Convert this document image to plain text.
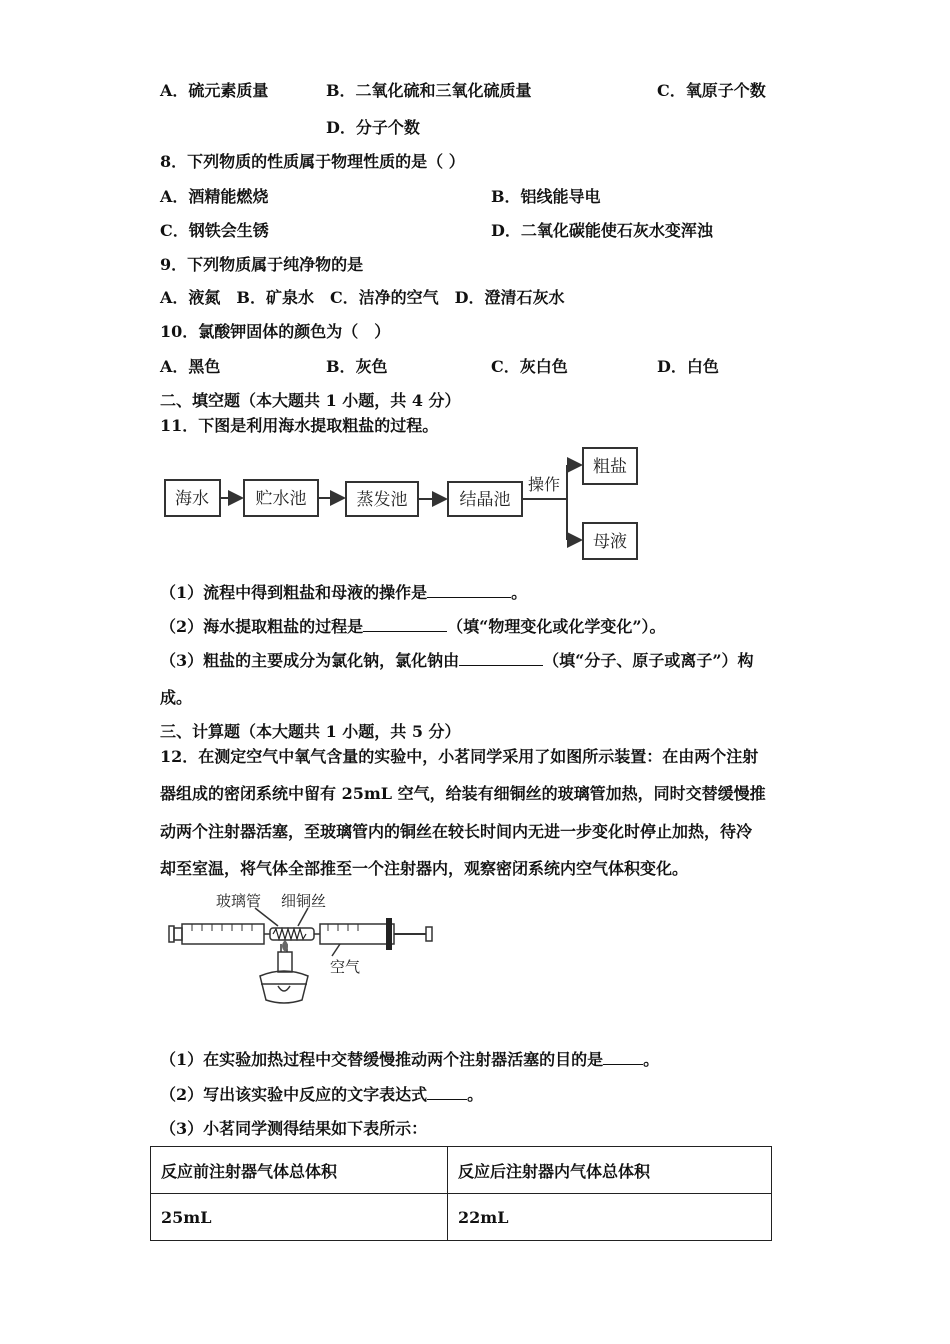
A．硫元素质量	B．二氧化硫和三氧化硫质量	C．氧原子个数
D．分子个数
8．下列物质的性质属于物理性质的是（ ）
A．酒精能燃烧	B．铝线能导电
C．钢铁会生锈	D．二氧化碳能使石灰水变浑浊
9．下列物质属于纯净物的是
A．液氮　B．矿泉水　C．洁净的空气　D．澄清石灰水
10．氯酸钾固体的颜色为（　）
A．黑色	B．灰色	C．灰白色	D．白色
二、填空题（本大题共 1 小题，共 4 分）
11．下图是利用海水提取粗盐的过程。
海水	贮水池	蒸发池	结晶池
操作
粗盐
母液
（1）流程中得到粗盐和母液的操作是	。
（2）海水提取粗盐的过程是	（填“物理变化或化学变化”）。
（3）粗盐的主要成分为氯化钠，氯化钠由	（填“分子、原子或离子”）构
成。
三、计算题（本大题共 1 小题，共 5 分）
12．在测定空气中氧气含量的实验中，小茗同学采用了如图所示装置：在由两个注射
器组成的密闭系统中留有 25mL 空气，给装有细铜丝的玻璃管加热，同时交替缓慢推
动两个注射器活塞，至玻璃管内的铜丝在较长时间内无进一步变化时停止加热，待冷
却至室温，将气体全部推至一个注射器内，观察密闭系统内空气体积变化。
玻璃管 细铜丝
空气
（1）在实验加热过程中交替缓慢推动两个注射器活塞的目的是	。
（2）写出该实验中反应的文字表达式	。
（3）小茗同学测得结果如下表所示：
反应前注射器气体总体积	反应后注射器内气体总体积
25mL	22mL
